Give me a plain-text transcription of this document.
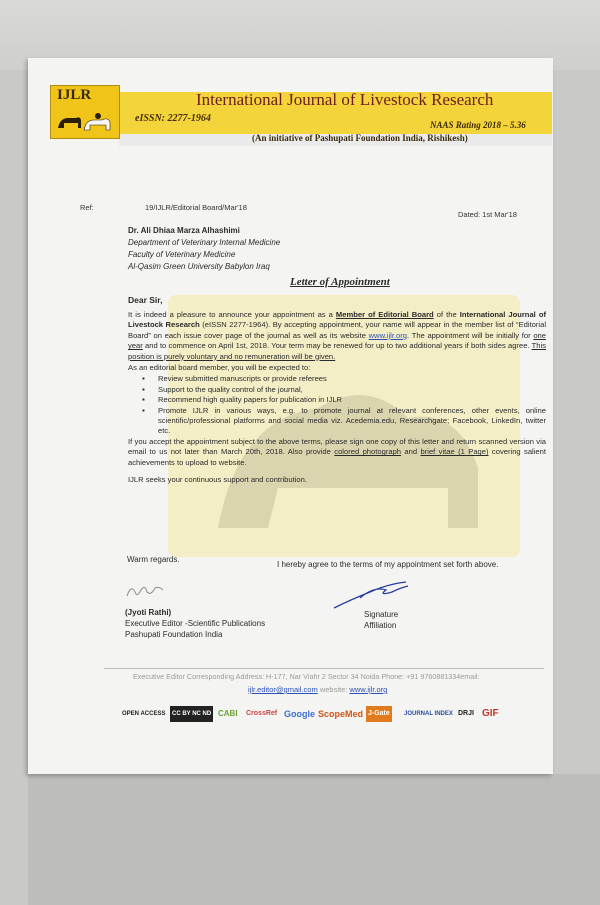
IJLR	International Journal of Livestock Research
eISSN: 2277-1964
NAAS Rating 2018 – 5.36
(An initiative of Pashupati Foundation India, Rishikesh)
Ref:	19/IJLR/Editorial Board/Mar'18
Dated: 1st Mar'18
Dr. Ali Dhiaa Marza Alhashimi
Department of Veterinary Internal Medicine
Faculty of Veterinary Medicine
Al-Qasim Green University Babylon Iraq
Letter of Appointment
Dear Sir,

It is indeed a pleasure to announce your appointment as a Member of Editorial Board of the International Journal of Livestock Research (eISSN 2277-1964). By accepting appointment, your name will appear in the member list of “Editorial Board” on each issue cover page of the journal as well as its website www.ijlr.org. The appointment will be initially for one year and to commence on April 1st, 2018. Your term may be renewed for up to two additional years if both sides agree. This position is purely voluntary and no remuneration will be given.

As an editorial board member, you will be expected to:

▪ Review submitted manuscripts or provide referees
▪ Support to the quality control of the journal,
▪ Recommend high quality papers for publication in IJLR
▪ Promote IJLR in various ways, e.g. to promote journal at relevant conferences, other events, online scientific/professional platforms and social media viz. Acedemia.edu, Researchgate; Facebook, LinkedIn, twitter etc.

If you accept the appointment subject to the above terms, please sign one copy of this letter and return scanned version via email to us not later than March 20th, 2018. Also provide colored photograph and brief vitae (1 Page) covering salient achievements to upload to website.

IJLR seeks your continuous support and contribution.

Warm regards.
I hereby agree to the terms of my appointment set forth above.
(Jyoti Rathi)
Executive Editor -Scientific Publications
Pashupati Foundation India
Signature
Affiliation
Executive Editor Corresponding Address: H-177, Nar Viahr 2 Sector 34 Noida Phone: +91 9760881334email:
ijlr.editor@gmail.com website: www.ijlr.org
OPEN ACCESS	CC BY NC ND CABI CrossRef Google ScopeMed J-Gate	JOURNAL INDEX DRJI GIF
